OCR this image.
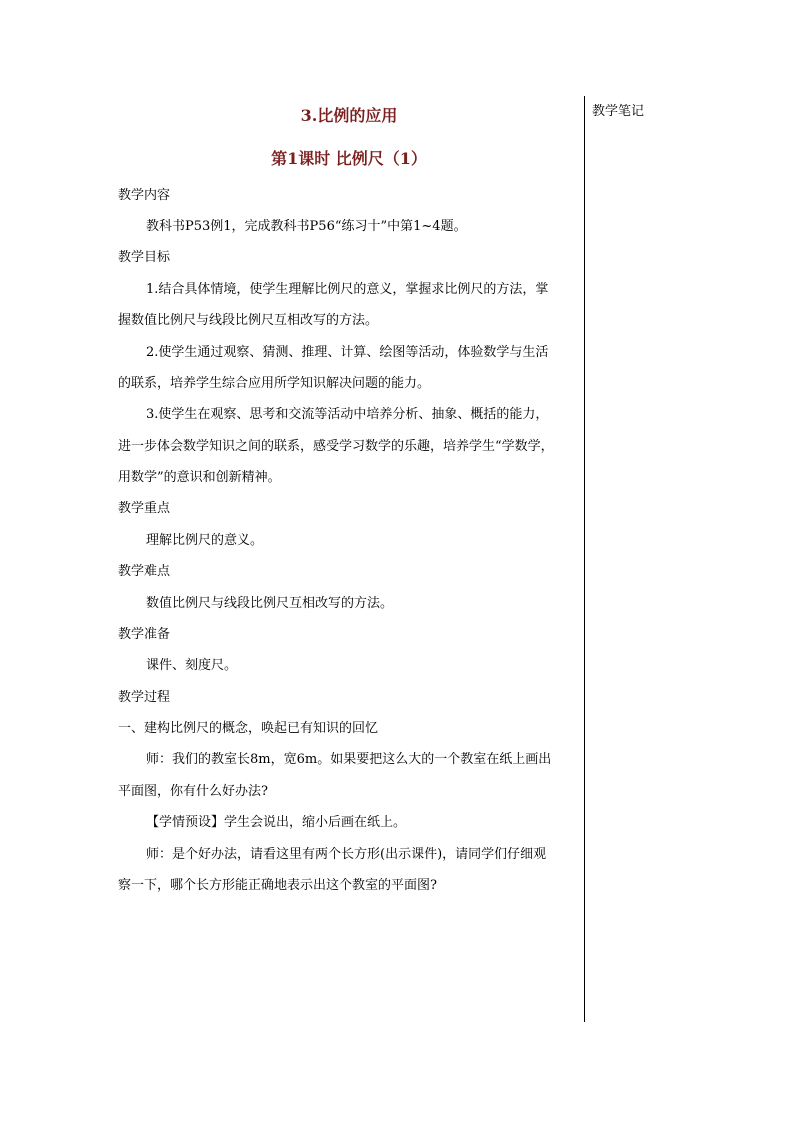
3.比例的应用
第1课时 比例尺（1）
教学内容
教科书P53例1，完成教科书P56“练习十”中第1~4题。
教学目标
1.结合具体情境，使学生理解比例尺的意义，掌握求比例尺的方法，掌
握数值比例尺与线段比例尺互相改写的方法。
2.使学生通过观察、猜测、推理、计算、绘图等活动，体验数学与生活
的联系，培养学生综合应用所学知识解决问题的能力。
3.使学生在观察、思考和交流等活动中培养分析、抽象、概括的能力，
进一步体会数学知识之间的联系，感受学习数学的乐趣，培养学生“学数学，
用数学”的意识和创新精神。
教学重点
理解比例尺的意义。
教学难点
数值比例尺与线段比例尺互相改写的方法。
教学准备
课件、刻度尺。
教学过程
一、建构比例尺的概念，唤起已有知识的回忆
师：我们的教室长8m，宽6m。如果要把这么大的一个教室在纸上画出
平面图，你有什么好办法?
【学情预设】学生会说出，缩小后画在纸上。
师：是个好办法，请看这里有两个长方形(出示课件)，请同学们仔细观
察一下，哪个长方形能正确地表示出这个教室的平面图?
教学笔记
